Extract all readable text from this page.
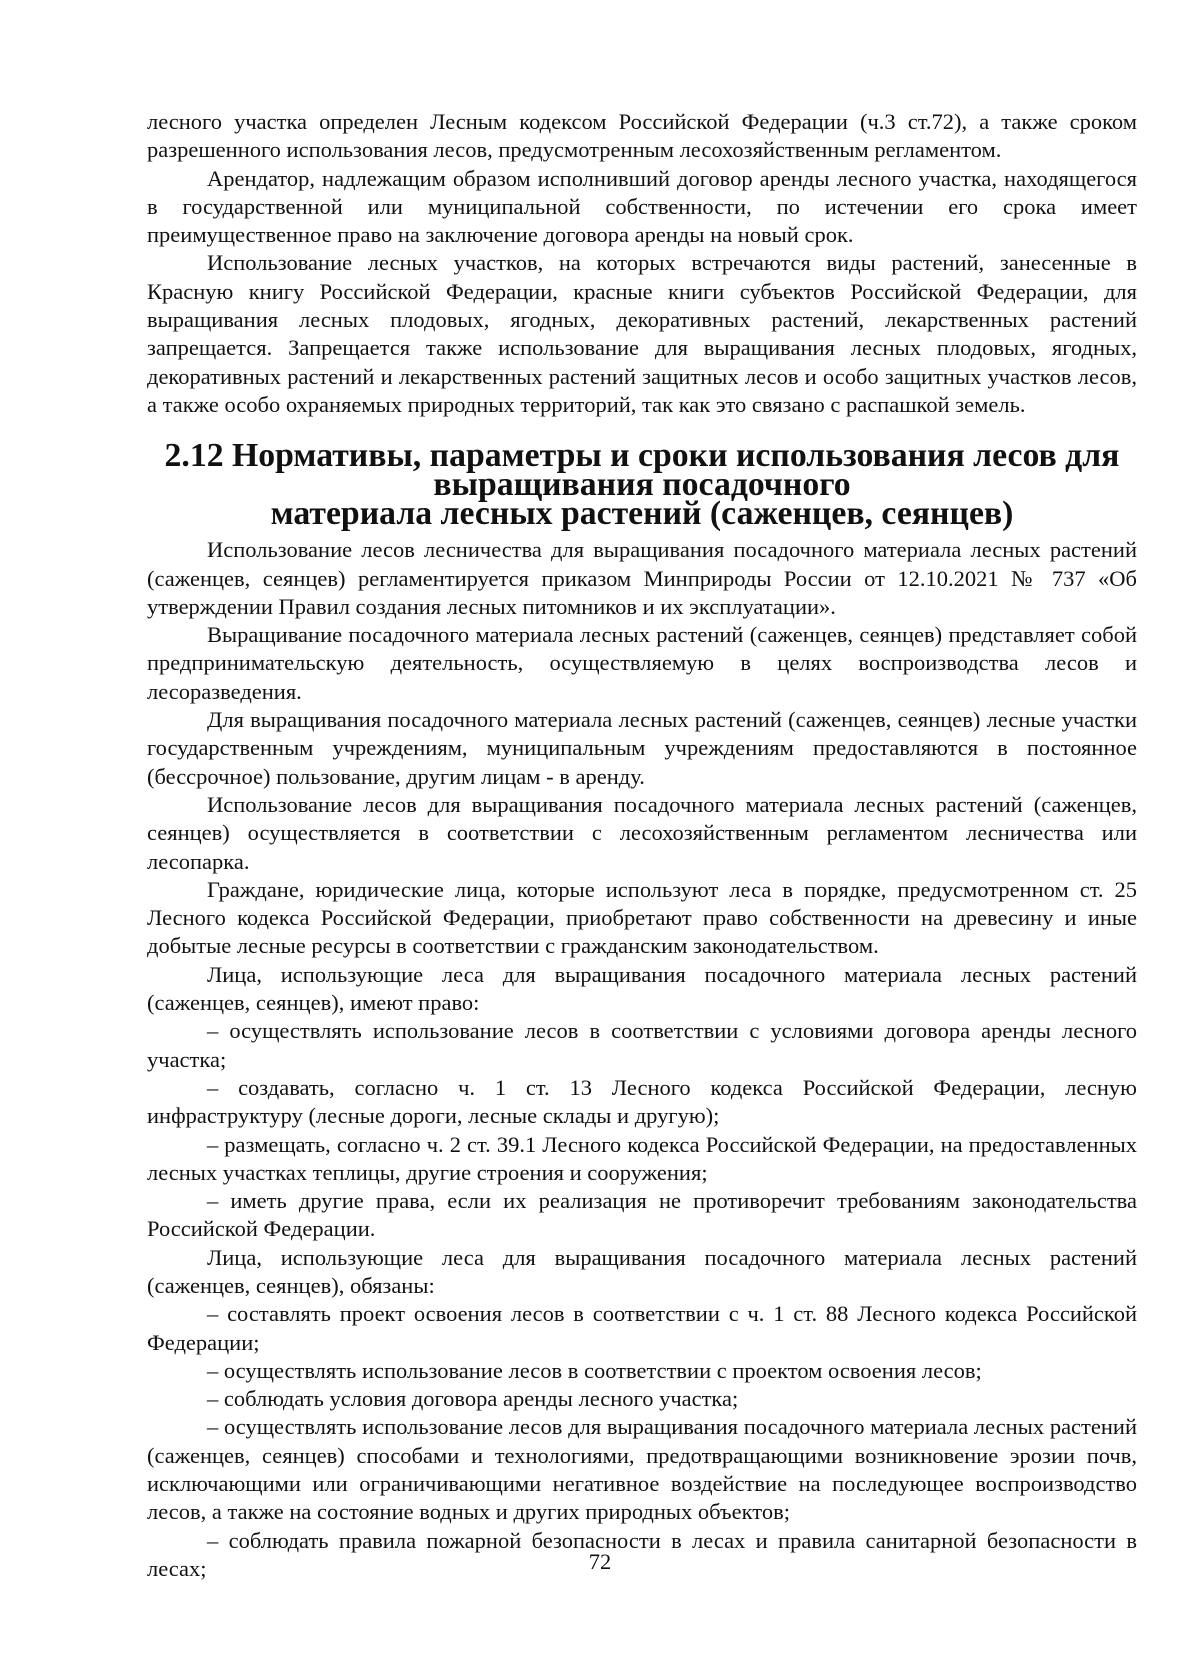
лесного участка определен Лесным кодексом Российской Федерации (ч.3 ст.72), а также сроком разрешенного использования лесов, предусмотренным лесохозяйственным регламентом.

Арендатор, надлежащим образом исполнивший договор аренды лесного участка, находящегося в государственной или муниципальной собственности, по истечении его срока имеет преимущественное право на заключение договора аренды на новый срок.

Использование лесных участков, на которых встречаются виды растений, занесенные в Красную книгу Российской Федерации, красные книги субъектов Российской Федерации, для выращивания лесных плодовых, ягодных, декоративных растений, лекарственных растений запрещается. Запрещается также использование для выращивания лесных плодовых, ягодных, декоративных растений и лекарственных растений защитных лесов и особо защитных участков лесов, а также особо охраняемых природных территорий, так как это связано с распашкой земель.

2.12 Нормативы, параметры и сроки использования лесов для выращивания посадочного
материала лесных растений (саженцев, сеянцев)

Использование лесов лесничества для выращивания посадочного материала лесных растений (саженцев, сеянцев) регламентируется приказом Минприроды России от 12.10.2021 № 737 «Об утверждении Правил создания лесных питомников и их эксплуатации».

Выращивание посадочного материала лесных растений (саженцев, сеянцев) представляет собой предпринимательскую деятельность, осуществляемую в целях воспроизводства лесов и лесоразведения.

Для выращивания посадочного материала лесных растений (саженцев, сеянцев) лесные участки государственным учреждениям, муниципальным учреждениям предоставляются в постоянное (бессрочное) пользование, другим лицам - в аренду.

Использование лесов для выращивания посадочного материала лесных растений (саженцев, сеянцев) осуществляется в соответствии с лесохозяйственным регламентом лесничества или лесопарка.

Граждане, юридические лица, которые используют леса в порядке, предусмотренном ст. 25 Лесного кодекса Российской Федерации, приобретают право собственности на древесину и иные добытые лесные ресурсы в соответствии с гражданским законодательством.

Лица, использующие леса для выращивания посадочного материала лесных растений (саженцев, сеянцев), имеют право:

– осуществлять использование лесов в соответствии с условиями договора аренды лесного участка;

– создавать, согласно ч. 1 ст. 13 Лесного кодекса Российской Федерации, лесную инфраструктуру (лесные дороги, лесные склады и другую);

– размещать, согласно ч. 2 ст. 39.1 Лесного кодекса Российской Федерации, на предоставленных лесных участках теплицы, другие строения и сооружения;

– иметь другие права, если их реализация не противоречит требованиям законодательства Российской Федерации.

Лица, использующие леса для выращивания посадочного материала лесных растений (саженцев, сеянцев), обязаны:

– составлять проект освоения лесов в соответствии с ч. 1 ст. 88 Лесного кодекса Российской Федерации;

– осуществлять использование лесов в соответствии с проектом освоения лесов;

– соблюдать условия договора аренды лесного участка;

– осуществлять использование лесов для выращивания посадочного материала лесных растений (саженцев, сеянцев) способами и технологиями, предотвращающими возникновение эрозии почв, исключающими или ограничивающими негативное воздействие на последующее воспроизводство лесов, а также на состояние водных и других природных объектов;

– соблюдать правила пожарной безопасности в лесах и правила санитарной безопасности в лесах;	72
